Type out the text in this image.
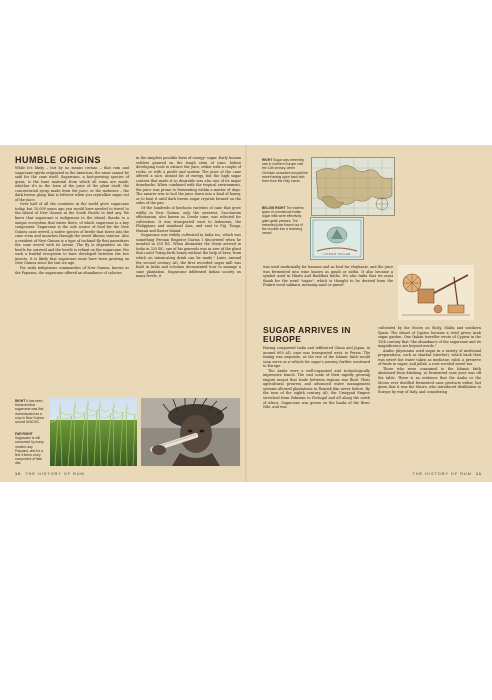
HUMBLE ORIGINS

While it's likely – but by no means certain – that rum and sugarcane spirits originated in the Americas, the same cannot be said for the cane itself. Sugarcane, a fast-growing species of grass, is the base material from which all rums are made, whether it's in the form of the juice of the plant itself, the concentrated syrup made from the juice, or the molasses – the dark brown gloop that is leftover when you crystallize sugar out of the juice.

Over half of all the countries in the world grow sugarcane today, but 10,000 years ago you would have needed to travel to the island of New Guinea in the South Pacific to find any. We know that sugarcane is indigenous to the island, thanks to a unique ecosystem that exists there, of which sugarcane is a key component. Sugarcane is the sole source of food for the New Guinea cane weevil, a native species of beetle that bores into the cane stem and munches through the sweet fibrous interior. Also a resident of New Guinea is a type of tachinid fly that parasitizes the cane weevil with its larvae. The fly is dependent on the beetle for survival and the beetle is reliant on the sugarcane. For such a fruitful ecosystem to have developed between the two insects, it is likely that sugarcane must have been growing on New Guinea since the last ice age.

For early indigenous communities of New Guinea, known as the Papuans, the sugarcane offered an abundance of calories

in the simplest possible form of energy: sugar. Early human settlers gnawed on the tough stem of cane, before developing tools to extract the juice, either with a couple of rocks, or with a pestle and mortar. The juice of the cane offered a nice, instant hit of energy, but the high sugar content that made it so desirable was also one of its major drawbacks. When combined with the tropical environment, the juice was prone to fermenting within a matter of days. The answer was to boil the juice down into a kind of honey, or to heat it until dark brown sugar crystals formed on the sides of the pan.

Of the hundreds of heirloom varieties of cane that grow wildly in New Guinea, only the sweetest, Saccharum officinarum, also known as Creole cane, was selected for cultivation. It was transported west to Indonesia, the Philippines and mainland Asia, and east to Fiji, Tonga, Hawaii and Easter Island.

Sugarcane was widely cultivated in India too, which was something Persian Emperor Darius I discovered when he invaded in 510 BC. When Alexander the Great arrived in India in 325 BC, one of his generals was in awe of the plant that could "bring forth honey without the help of bees, from which an intoxicating drink can be made." Later, around the second century AD, the first recorded sugar mill was built in India and scholars documented how to manage a cane plantation. Sugarcane infiltrated Indian society on many levels; it

RIGHT It has been theorized that sugarcane was first domesticated as a crop in New Guinea around 6000 BC.
FAR RIGHT Sugarcane is still consumed by many modern-day Papuans, and for a few it forms a key component of their diet.
10 THE HISTORY OF RUM
RIGHT Sugar was extremely rare in northern Europe until the 11th century, when Christian crusaders brought the sweet tasting spice back with them from the Holy Lands.
BELOW RIGHT The earliest types of commercial Indian sugar mills were effectively giant garlic presses. The extracted juice flowed out of the crucible into a receiving vessel.
CUBAN SUGAR

was used medicinally for humans and as food for elephants, and the juice was fermented into wine known as gaudi or sidhu. It also became a symbol used in Hindu and Buddhist faiths. It's also India that we must thank for the word "sugar", which is thought to be derived from the Prakrit word sakkara, meaning sand or gravel.

SUGAR ARRIVES IN EUROPE

Having conquered India and infiltrated China and Japan, in around 600 AD, cane was transported west, to Persia. The timing was exquisite, as the rise of the Islamic faith would soon serve as a vehicle for sugar's journey further westward to Europe.

The Arabs were a well-organized and technologically impressive bunch. The vast scale of their rapidly growing empire meant that trade between regions was fluid. Their agricultural prowess and advanced water management systems allowed plantations to flourish like never before. By the turn of the eighth century AD, the Umayyad Empire stretched from Pakistan to Portugal and all along the north of Africa. Sugarcane was grown on the banks of the River Nile, and was

cultivated by the Moors on Sicily, Malta and southern Spain. The island of Cyprus became a vivid green Arab sugar garden. One Italian traveller wrote of Cyprus in the 15th century that "the abundance of the sugarcane and its magnificence are beyond words."

Arabic physicians used sugar in a variety of medicinal preparations, such as sharbat (sherbet), which back then was sweet hot water taken as medicine; rubb, a preserve of fruits in sugar; and jullab, a rose-scented sweet tea.

Those who were consumed to the Islamic faith abstained from drinking, so fermented cane juice was off the table. There is no evidence that the Arabs or the Moors ever distilled fermented cane products either, but given that it was the Moors, who introduced distillation to Europe by way of Italy, and considering

THE HISTORY OF RUM 11
